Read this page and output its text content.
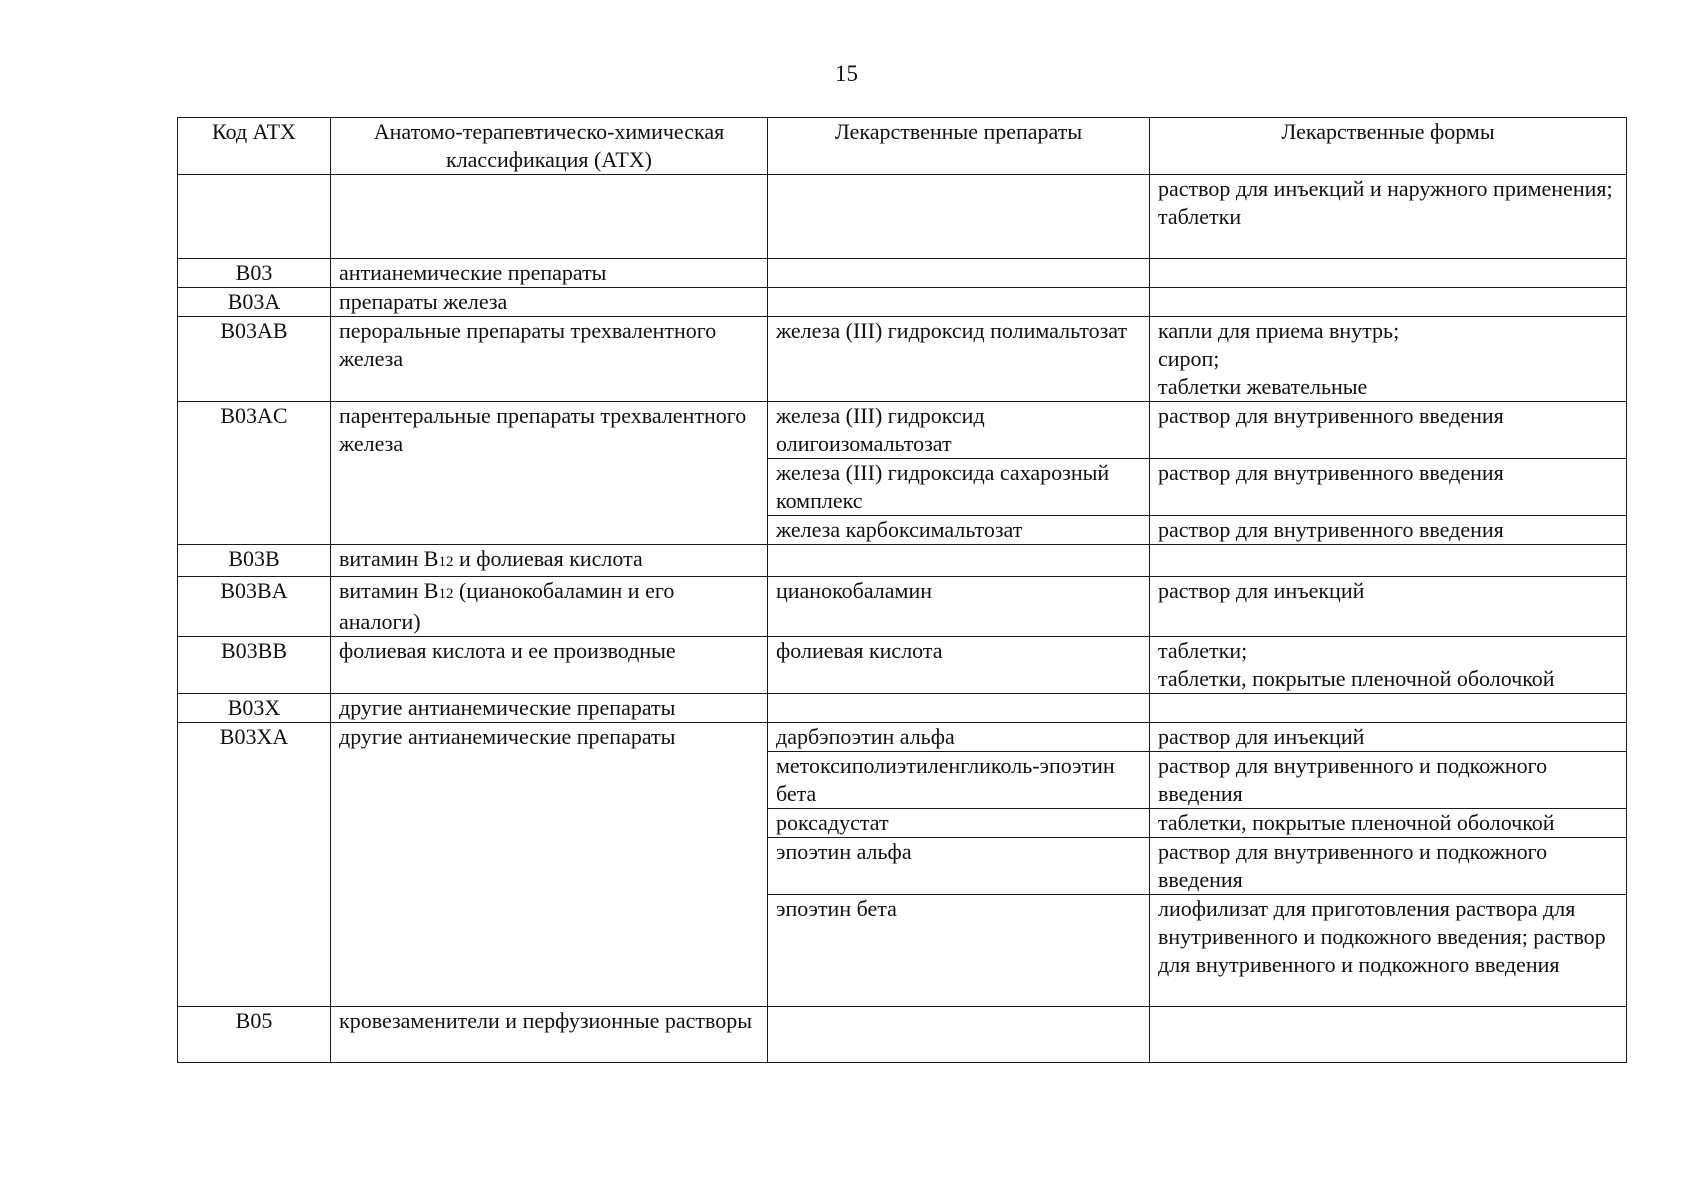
15
Код АТХ	Анатомо-терапевтическо-химическая классификация (АТХ)	Лекарственные препараты	Лекарственные формы
			раствор для инъекций и наружного применения;
таблетки
B03	антианемические препараты		
B03A	препараты железа		
B03AB	пероральные препараты трехвалентного железа	железа (III) гидроксид полимальтозат	капли для приема внутрь;
сироп;
таблетки жевательные
B03AC	парентеральные препараты трехвалентного железа	железа (III) гидроксид олигоизомальтозат	раствор для внутривенного введения
		железа (III) гидроксида сахарозный комплекс	раствор для внутривенного введения
		железа карбоксимальтозат	раствор для внутривенного введения
B03B	витамин В12 и фолиевая кислота		
B03BA	витамин В12 (цианокобаламин и его аналоги)	цианокобаламин	раствор для инъекций
B03BB	фолиевая кислота и ее производные	фолиевая кислота	таблетки;
таблетки, покрытые пленочной оболочкой
B03X	другие антианемические препараты		
B03XA	другие антианемические препараты	дарбэпоэтин альфа	раствор для инъекций
		метоксиполиэтиленгликоль-эпоэтин бета	раствор для внутривенного и подкожного введения
		роксадустат	таблетки, покрытые пленочной оболочкой
		эпоэтин альфа	раствор для внутривенного и подкожного введения
		эпоэтин бета	лиофилизат для приготовления раствора для внутривенного и подкожного введения; раствор для внутривенного и подкожного введения
B05	кровезаменители и перфузионные растворы		
